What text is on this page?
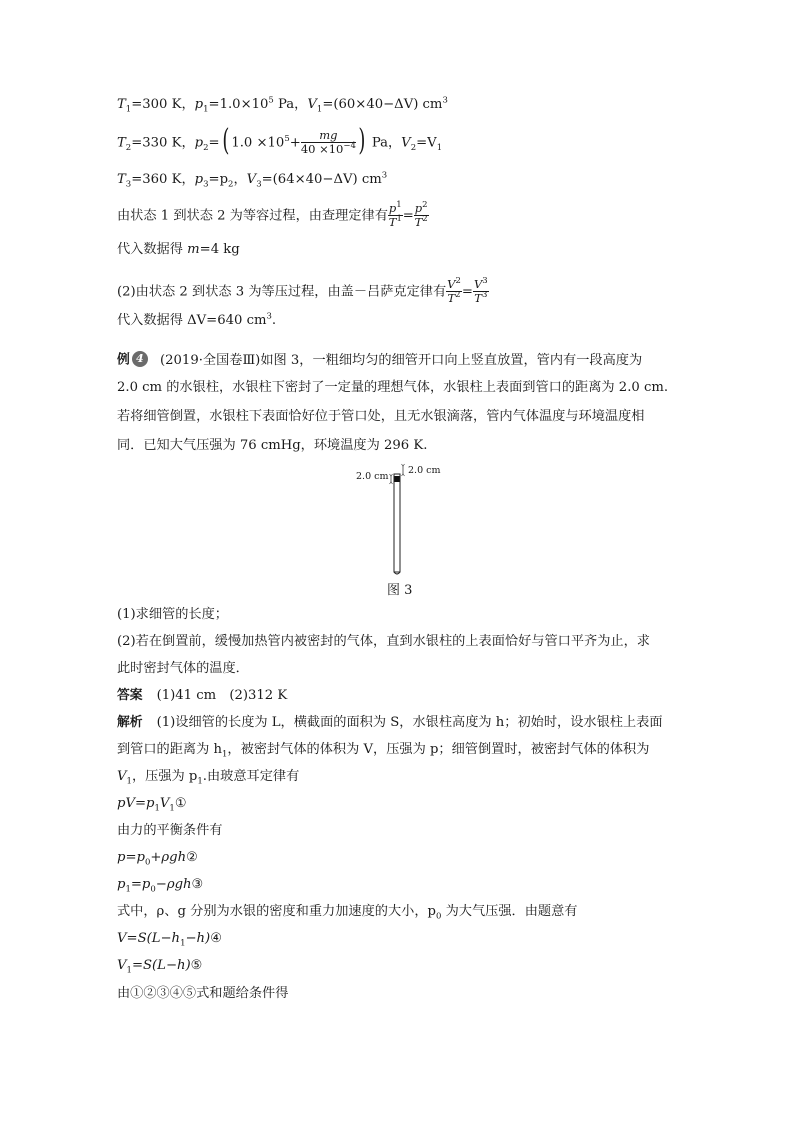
$T_1=300$ K，$p_1=1.0\times 10^5$ Pa，$V_1=(60\times 40-\Delta V)$ $cm^3$
$T_2=330$ K，$p_2=$( $1.0 \times 10^5+ \frac{mg}{40 \times 10^{-4}}$ ) Pa，$V_2=V_1$
$T_3=360$ K，$p_3=p_2$，$V_3=(64\times 40-\Delta V)$ $cm^3$
由状态 1 到状态 2 为等容过程，由查理定律有 $\frac{p^1}{T^1} = \frac{p^2}{T^2}$
代入数据得 m=4 kg
(2)由状态 2 到状态 3 为等压过程，由盖－吕萨克定律有 $\frac{V^2}{T^2} = \frac{V^3}{T^3}$
代入数据得 ΔV=640 $cm^3$.
例 4 (2019·全国卷Ⅲ)如图 3，一粗细均匀的细管开口向上竖直放置，管内有一段高度为
2.0 cm 的水银柱，水银柱下密封了一定量的理想气体，水银柱上表面到管口的距离为 2.0 cm.
若将细管倒置，水银柱下表面恰好位于管口处，且无水银滴落，管内气体温度与环境温度相
同．已知大气压强为 76 cmHg，环境温度为 296 K.
2.0 cm
2.0 cm
图 3
(1)求细管的长度；
(2)若在倒置前，缓慢加热管内被密封的气体，直到水银柱的上表面恰好与管口平齐为止，求
此时密封气体的温度．
答案 (1)41 cm　(2)312 K
解析 (1)设细管的长度为 L，横截面的面积为 S，水银柱高度为 h；初始时，设水银柱上表面
到管口的距离为 $h_1$，被密封气体的体积为 V，压强为 p；细管倒置时，被密封气体的体积为
$V_1$，压强为 $p_1$.由玻意耳定律有
$pV=p_1V_1①$
由力的平衡条件有
$p=p_0+\rho gh②$
$p_1=p_0-\rho gh③$
式中，ρ、g 分别为水银的密度和重力加速度的大小，$p_0$ 为大气压强．由题意有
$V=S(L-h_1-h)④$
$V_1=S(L-h)⑤$
由①②③④⑤式和题给条件得
